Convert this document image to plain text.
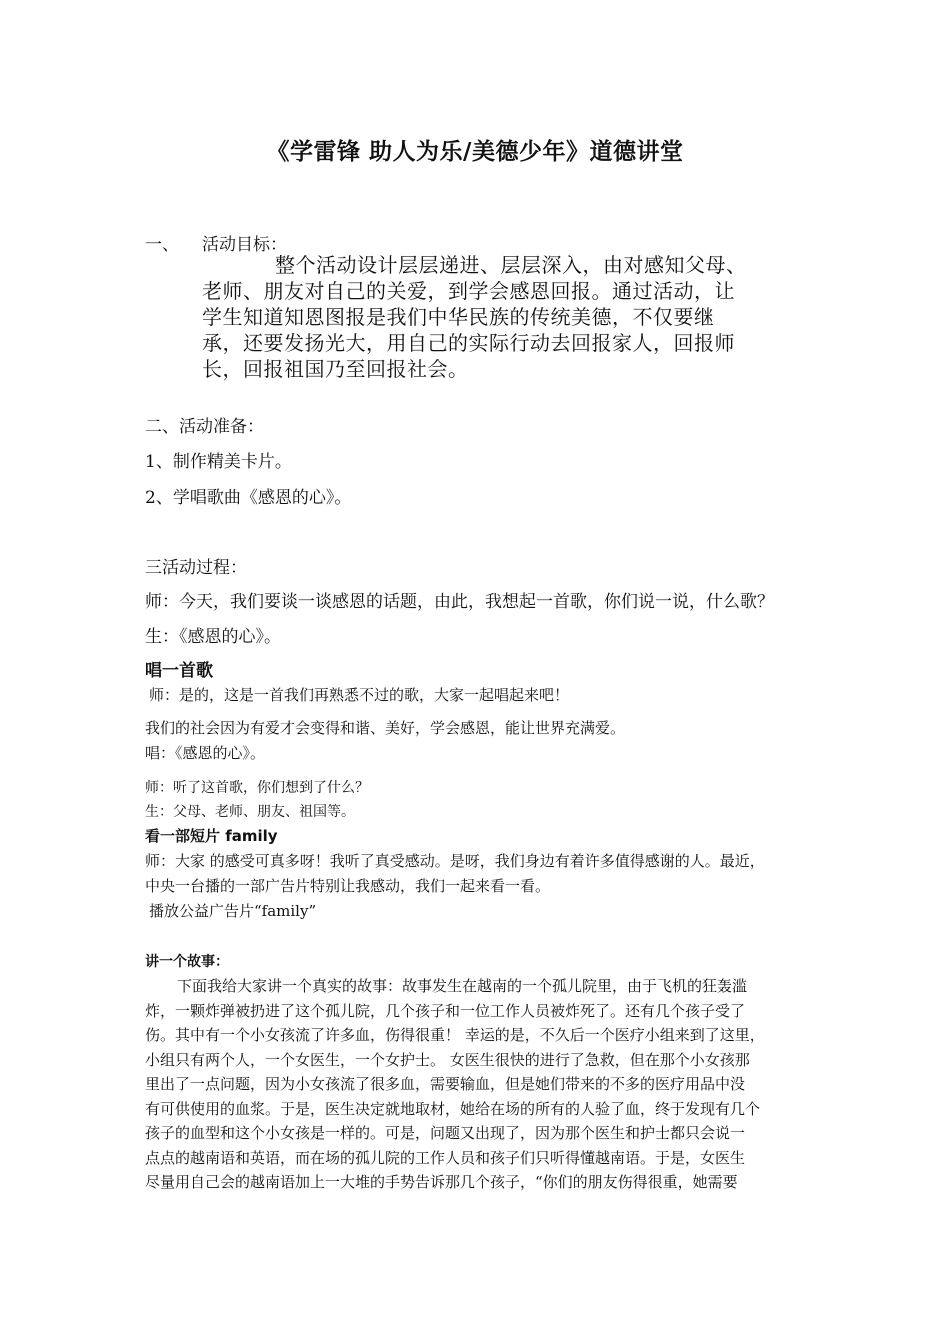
《学雷锋 助人为乐/美德少年》道德讲堂
一、 活动目标：
整个活动设计层层递进、层层深入，由对感知父母、
老师、朋友对自己的关爱，到学会感恩回报。通过活动，让
学生知道知恩图报是我们中华民族的传统美德，不仅要继
承，还要发扬光大，用自己的实际行动去回报家人，回报师
长，回报祖国乃至回报社会。
二、活动准备：
1、制作精美卡片。
2、学唱歌曲《感恩的心》。
三活动过程：
师：今天，我们要谈一谈感恩的话题，由此，我想起一首歌，你们说一说，什么歌？
生：《感恩的心》。
唱一首歌
师：是的，这是一首我们再熟悉不过的歌，大家一起唱起来吧！
我们的社会因为有爱才会变得和谐、美好，学会感恩，能让世界充满爱。
唱：《感恩的心》。
师：听了这首歌，你们想到了什么？
生：父母、老师、朋友、祖国等。
看一部短片 family
师：大家 的感受可真多呀！我听了真受感动。是呀，我们身边有着许多值得感谢的人。最近，
中央一台播的一部广告片特别让我感动，我们一起来看一看。
播放公益广告片“family”
讲一个故事：
下面我给大家讲一个真实的故事：故事发生在越南的一个孤儿院里，由于飞机的狂轰滥
炸，一颗炸弹被扔进了这个孤儿院，几个孩子和一位工作人员被炸死了。还有几个孩子受了
伤。其中有一个小女孩流了许多血，伤得很重！ 幸运的是，不久后一个医疗小组来到了这里，
小组只有两个人，一个女医生，一个女护士。 女医生很快的进行了急救，但在那个小女孩那
里出了一点问题，因为小女孩流了很多血，需要输血，但是她们带来的不多的医疗用品中没
有可供使用的血浆。于是，医生决定就地取材，她给在场的所有的人验了血，终于发现有几个
孩子的血型和这个小女孩是一样的。可是，问题又出现了，因为那个医生和护士都只会说一
点点的越南语和英语，而在场的孤儿院的工作人员和孩子们只听得懂越南语。于是，女医生
尽量用自己会的越南语加上一大堆的手势告诉那几个孩子，“你们的朋友伤得很重，她需要
